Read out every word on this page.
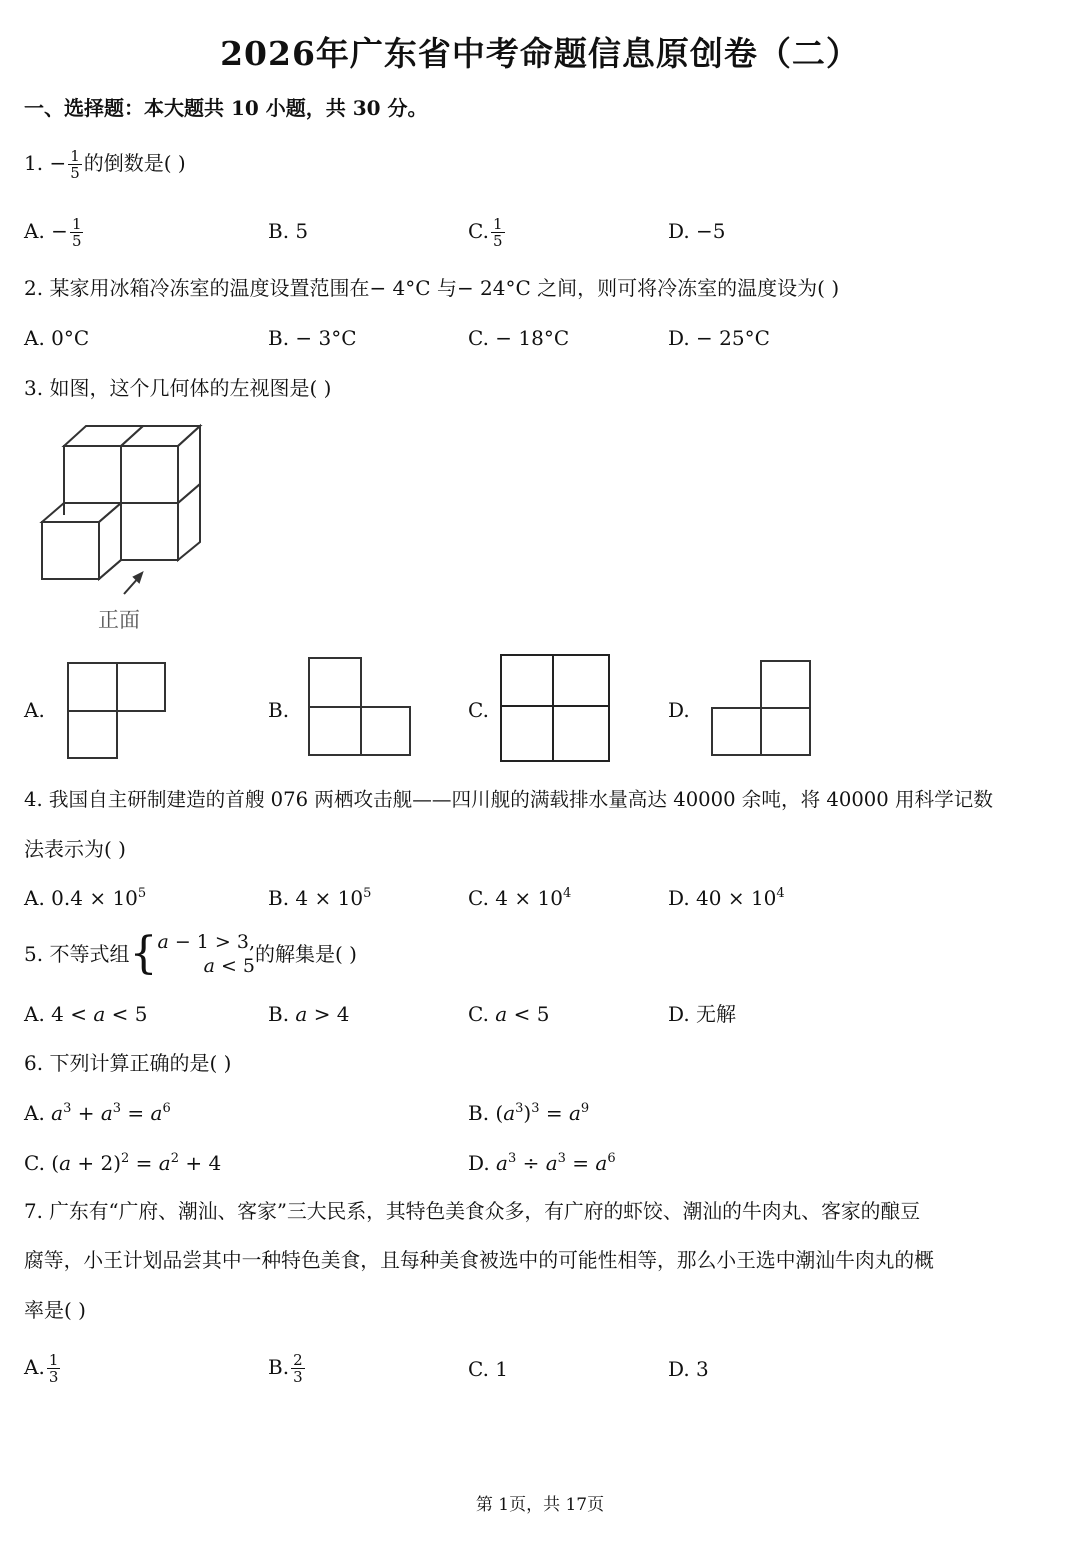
2026年广东省中考命题信息原创卷（二）
一、选择题：本大题共 10 小题，共 30 分。
1. − $\frac{1}{5}$ 的倒数是( )
A. − $\frac{1}{5}$	B. 5	C. $\frac{1}{5}$	D. −5
2. 某家用冰箱冷冻室的温度设置范围在− 4°C 与− 24°C 之间，则可将冷冻室的温度设为( )
A. 0°C	B. − 3°C	C. − 18°C	D. − 25°C
3. 如图，这个几何体的左视图是( )
正面
A.	B.	C.	D.
4. 我国自主研制建造的首艘 076 两栖攻击舰——四川舰的满载排水量高达 40000 余吨，将 40000 用科学记数
法表示为( )
A. $0.4 \times 10^5$	B. $4 \times 10^5$	C. $4 \times 10^4$	D. $40 \times 10^4$
5. 不等式组{ 𝑎 − 1 > 3,
𝑎 < 5 的解集是( )
A. 4 < 𝑎 < 5	B. 𝑎 > 4	C. 𝑎 < 5	D. 无解
6. 下列计算正确的是( )
A. 𝑎$^3$ + 𝑎$^3$ = 𝑎$^6$	B. (𝑎$^3$)$^3$ = 𝑎$^9$
C. (𝑎 + 2)$^2$ = 𝑎$^2$ + 4	D. 𝑎$^3$ ÷ 𝑎$^3$ = 𝑎$^6$
7. 广东有“广府、潮汕、客家”三大民系，其特色美食众多，有广府的虾饺、潮汕的牛肉丸、客家的酿豆
腐等，小王计划品尝其中一种特色美食，且每种美食被选中的可能性相等，那么小王选中潮汕牛肉丸的概
率是( )
A. $\frac{1}{3}$	B. $\frac{2}{3}$	C. 1	D. 3
第 1页，共 17页
